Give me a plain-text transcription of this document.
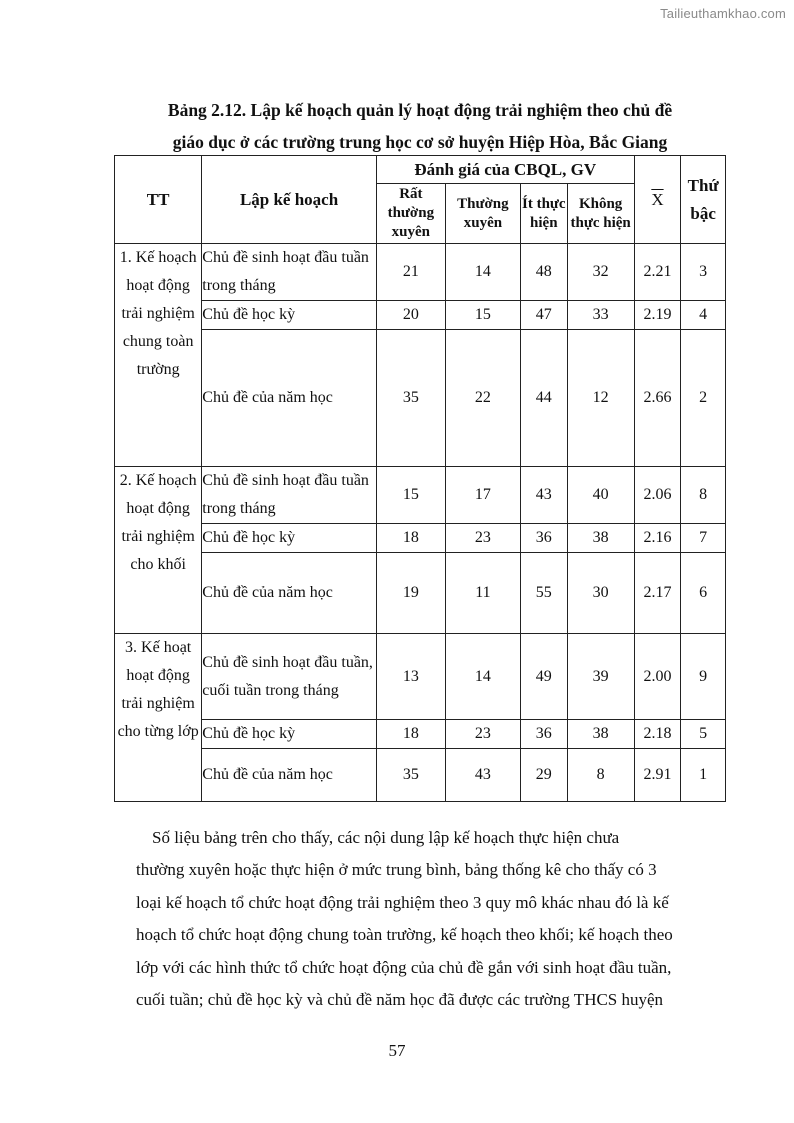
Tailieuthamkhao.com
Bảng 2.12. Lập kế hoạch quản lý hoạt động trải nghiệm theo chủ đề
giáo dục ở các trường trung học cơ sở huyện Hiệp Hòa, Bắc Giang
TT	Lập kế hoạch	Đánh giá của CBQL, GV				$\overline{X}$	Thứ bậc
		Rất thường xuyên	Thường xuyên	Ít thực hiện	Không thực hiện		
1. Kế hoạch hoạt động trải nghiệm chung toàn trường	Chủ đề sinh hoạt đầu tuần trong tháng	21	14	48	32	2.21	3
	Chủ đề học kỳ	20	15	47	33	2.19	4
	Chủ đề của năm học	35	22	44	12	2.66	2
2. Kế hoạch hoạt động trải nghiệm cho khối	Chủ đề sinh hoạt đầu tuần trong tháng	15	17	43	40	2.06	8
	Chủ đề học kỳ	18	23	36	38	2.16	7
	Chủ đề của năm học	19	11	55	30	2.17	6
3. Kế hoạt hoạt động trải nghiệm cho từng lớp	Chủ đề sinh hoạt đầu tuần, cuối tuần trong tháng	13	14	49	39	2.00	9
	Chủ đề học kỳ	18	23	36	38	2.18	5
	Chủ đề của năm học	35	43	29	8	2.91	1
Số liệu bảng trên cho thấy, các nội dung lập kế hoạch thực hiện chưa
thường xuyên hoặc thực hiện ở mức trung bình, bảng thống kê cho thấy có 3
loại kế hoạch tổ chức hoạt động trải nghiệm theo 3 quy mô khác nhau đó là kế
hoạch tổ chức hoạt động chung toàn trường, kế hoạch theo khối; kế hoạch theo
lớp với các hình thức tổ chức hoạt động của chủ đề gắn với sinh hoạt đầu tuần,
cuối tuần; chủ đề học kỳ và chủ đề năm học đã được các trường THCS huyện
57
